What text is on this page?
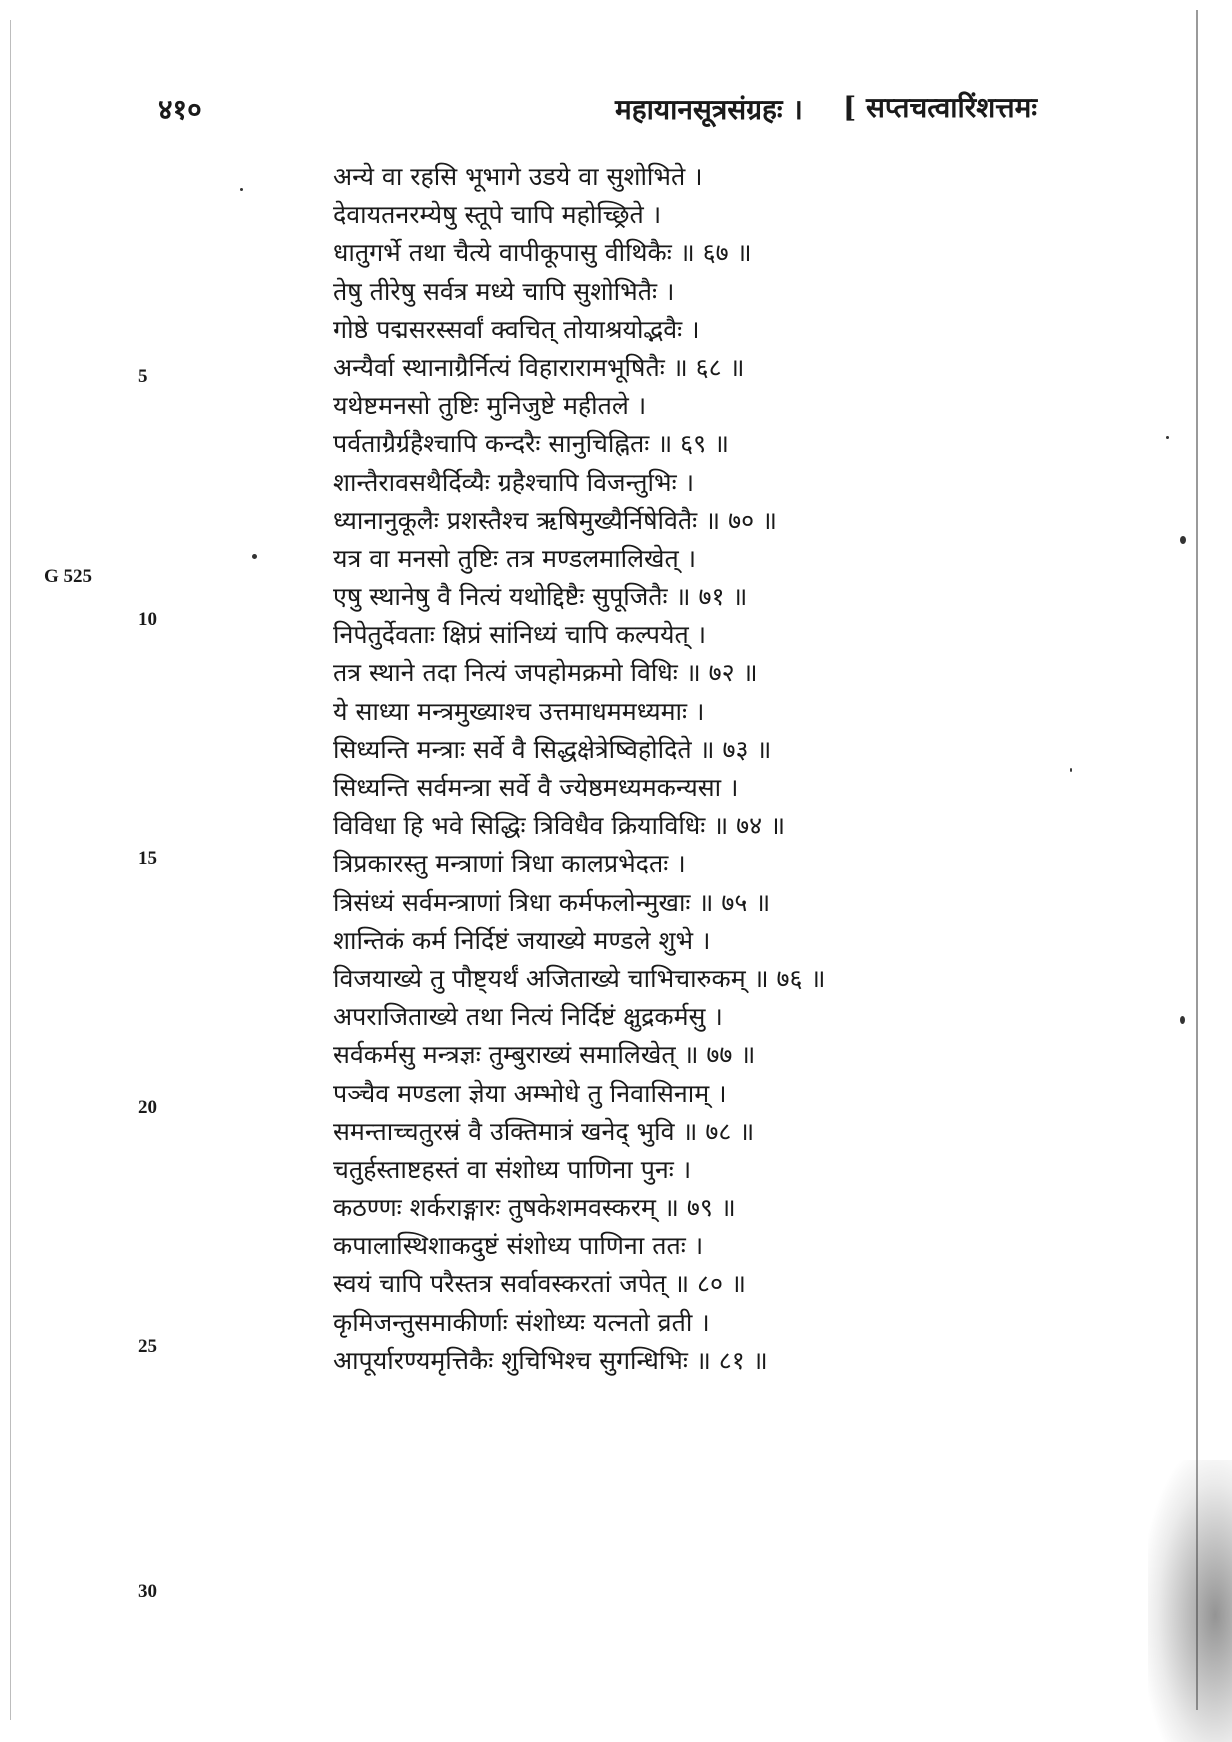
४१०	महायानसूत्रसंग्रहः । [ सप्तचत्वारिंशत्तमः
G 525
5
10
15
20
25
30
अन्ये वा रहसि भूभागे उडये वा सुशोभिते ।
देवायतनरम्येषु स्तूपे चापि महोच्छ्रिते ।
धातुगर्भे तथा चैत्ये वापीकूपासु वीथिकैः ॥ ६७ ॥
तेषु तीरेषु सर्वत्र मध्ये चापि सुशोभितैः ।
गोष्ठे पद्मसरस्सर्वां क्वचित् तोयाश्रयोद्भवैः ।
अन्यैर्वा स्थानाग्रैर्नित्यं विहारारामभूषितैः ॥ ६८ ॥
यथेष्टमनसो तुष्टिः मुनिजुष्टे महीतले ।
पर्वताग्रैर्ग्रहैश्चापि कन्दरैः सानुचिह्नितः ॥ ६९ ॥
शान्तैरावसथैर्दिव्यैः ग्रहैश्चापि विजन्तुभिः ।
ध्यानानुकूलैः प्रशस्तैश्च ऋषिमुख्यैर्निषेवितैः ॥ ७० ॥
यत्र वा मनसो तुष्टिः तत्र मण्डलमालिखेत् ।
एषु स्थानेषु वै नित्यं यथोद्दिष्टैः सुपूजितैः ॥ ७१ ॥
निपेतुर्देवताः क्षिप्रं सांनिध्यं चापि कल्पयेत् ।
तत्र स्थाने तदा नित्यं जपहोमक्रमो विधिः ॥ ७२ ॥
ये साध्या मन्त्रमुख्याश्च उत्तमाधममध्यमाः ।
सिध्यन्ति मन्त्राः सर्वे वै सिद्धक्षेत्रेष्विहोदिते ॥ ७३ ॥
सिध्यन्ति सर्वमन्त्रा सर्वे वै ज्येष्ठमध्यमकन्यसा ।
विविधा हि भवे सिद्धिः त्रिविधैव क्रियाविधिः ॥ ७४ ॥
त्रिप्रकारस्तु मन्त्राणां त्रिधा कालप्रभेदतः ।
त्रिसंध्यं सर्वमन्त्राणां त्रिधा कर्मफलोन्मुखाः ॥ ७५ ॥
शान्तिकं कर्म निर्दिष्टं जयाख्ये मण्डले शुभे ।
विजयाख्ये तु पौष्ट्यर्थं अजिताख्ये चाभिचारुकम् ॥ ७६ ॥
अपराजिताख्ये तथा नित्यं निर्दिष्टं क्षुद्रकर्मसु ।
सर्वकर्मसु मन्त्रज्ञः तुम्बुराख्यं समालिखेत् ॥ ७७ ॥
पञ्चैव मण्डला ज्ञेया अम्भोधे तु निवासिनाम् ।
समन्ताच्चतुरस्रं वै उक्तिमात्रं खनेद् भुवि ॥ ७८ ॥
चतुर्हस्ताष्टहस्तं वा संशोध्य पाणिना पुनः ।
कठण्णः शर्कराङ्गारः तुषकेशमवस्करम् ॥ ७९ ॥
कपालास्थिशाकदुष्टं संशोध्य पाणिना ततः ।
स्वयं चापि परैस्तत्र सर्वावस्करतां जपेत् ॥ ८० ॥
कृमिजन्तुसमाकीर्णाः संशोध्यः यत्नतो व्रती ।
आपूर्यारण्यमृत्तिकैः शुचिभिश्च सुगन्धिभिः ॥ ८१ ॥
